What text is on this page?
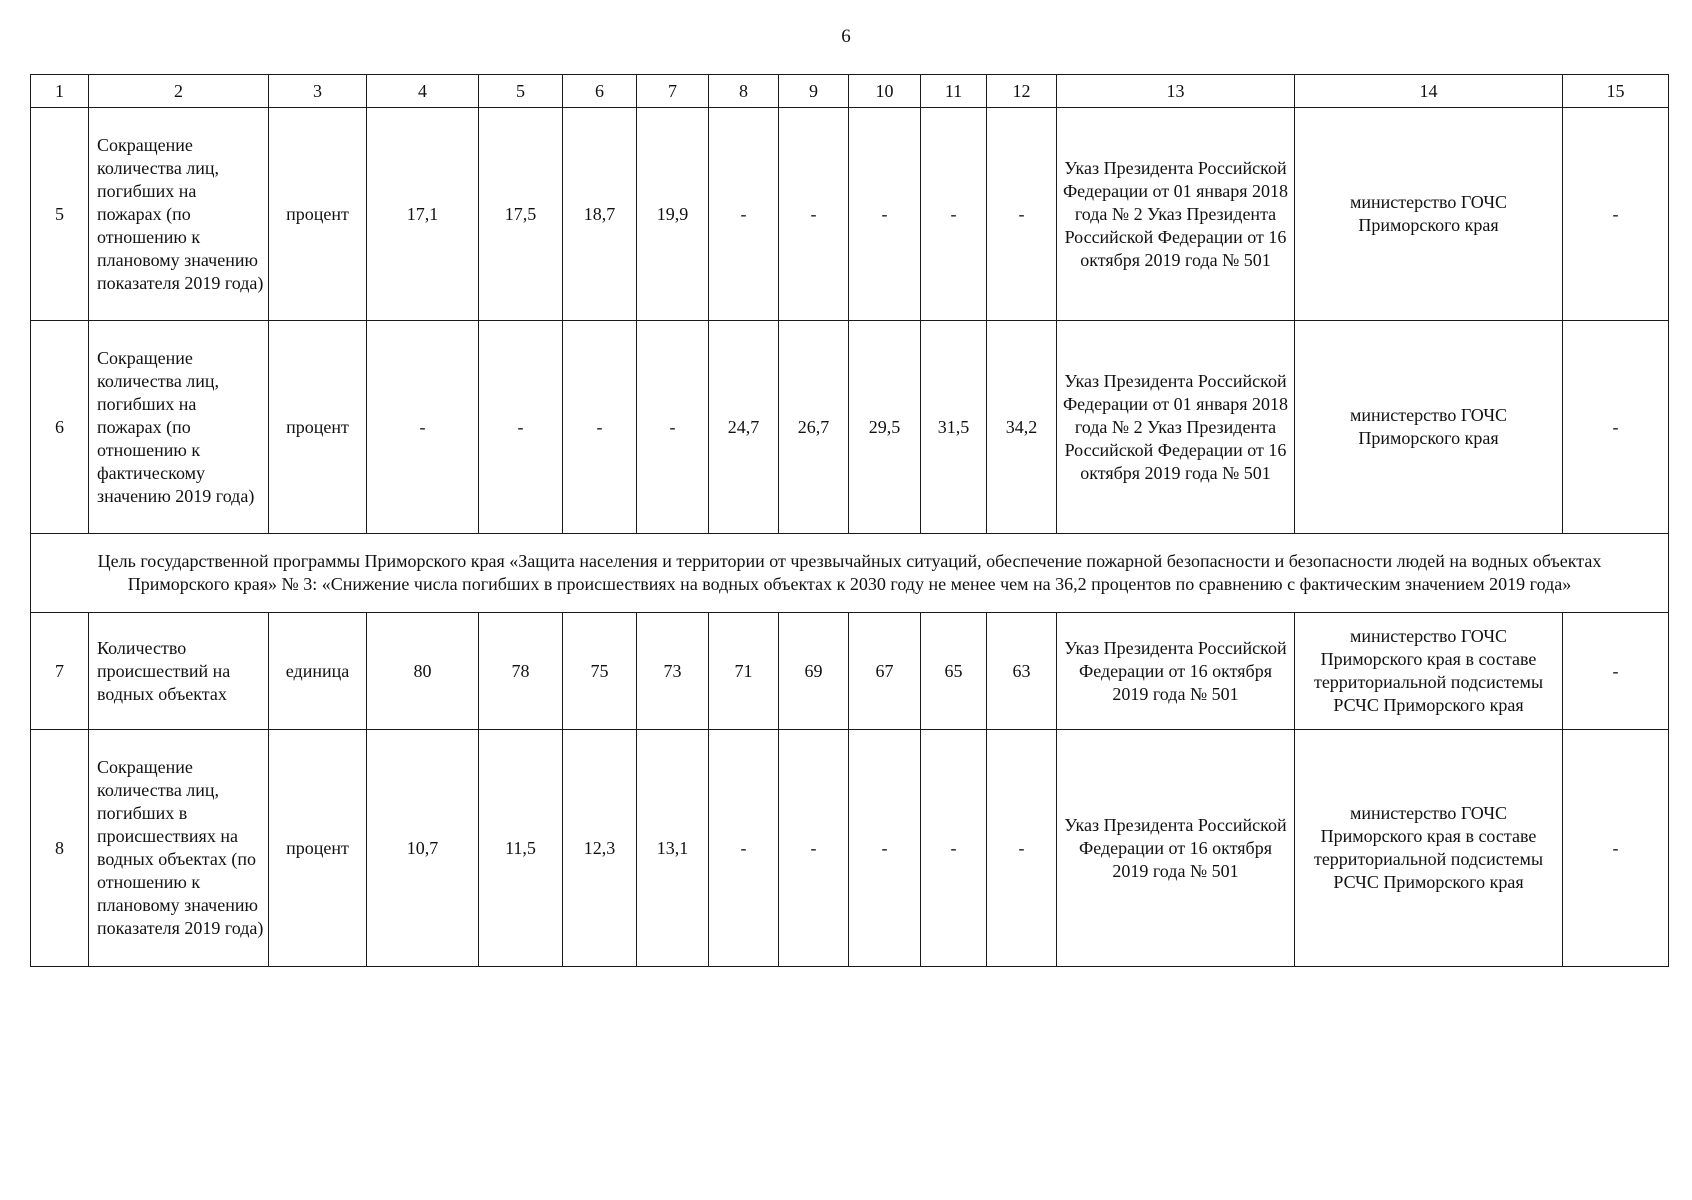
6
1	2	3	4	5	6	7	8	9	10	11	12	13	14	15
5	Сокращение количества лиц, погибших на пожарах (по отношению к плановому значению показателя 2019 года)	процент	17,1	17,5	18,7	19,9	-	-	-	-	-	Указ Президента Российской Федерации от 01 января 2018 года № 2 Указ Президента Российской Федерации от 16 октября 2019 года № 501	министерство ГОЧС Приморского края	-
6	Сокращение количества лиц, погибших на пожарах (по отношению к фактическому значению 2019 года)	процент	-	-	-	-	24,7	26,7	29,5	31,5	34,2	Указ Президента Российской Федерации от 01 января 2018 года № 2 Указ Президента Российской Федерации от 16 октября 2019 года № 501	министерство ГОЧС Приморского края	-
Цель государственной программы Приморского края «Защита населения и территории от чрезвычайных ситуаций, обеспечение пожарной безопасности и безопасности людей на водных объектах Приморского края» № 3: «Снижение числа погибших в происшествиях на водных объектах к 2030 году не менее чем на 36,2 процентов по сравнению с фактическим значением 2019 года»														
7	Количество происшествий на водных объектах	единица	80	78	75	73	71	69	67	65	63	Указ Президента Российской Федерации от 16 октября 2019 года № 501	министерство ГОЧС Приморского края в составе территориальной подсистемы РСЧС Приморского края	-
8	Сокращение количества лиц, погибших в происшествиях на водных объектах (по отношению к плановому значению показателя 2019 года)	процент	10,7	11,5	12,3	13,1	-	-	-	-	-	Указ Президента Российской Федерации от 16 октября 2019 года № 501	министерство ГОЧС Приморского края в составе территориальной подсистемы РСЧС Приморского края	-
